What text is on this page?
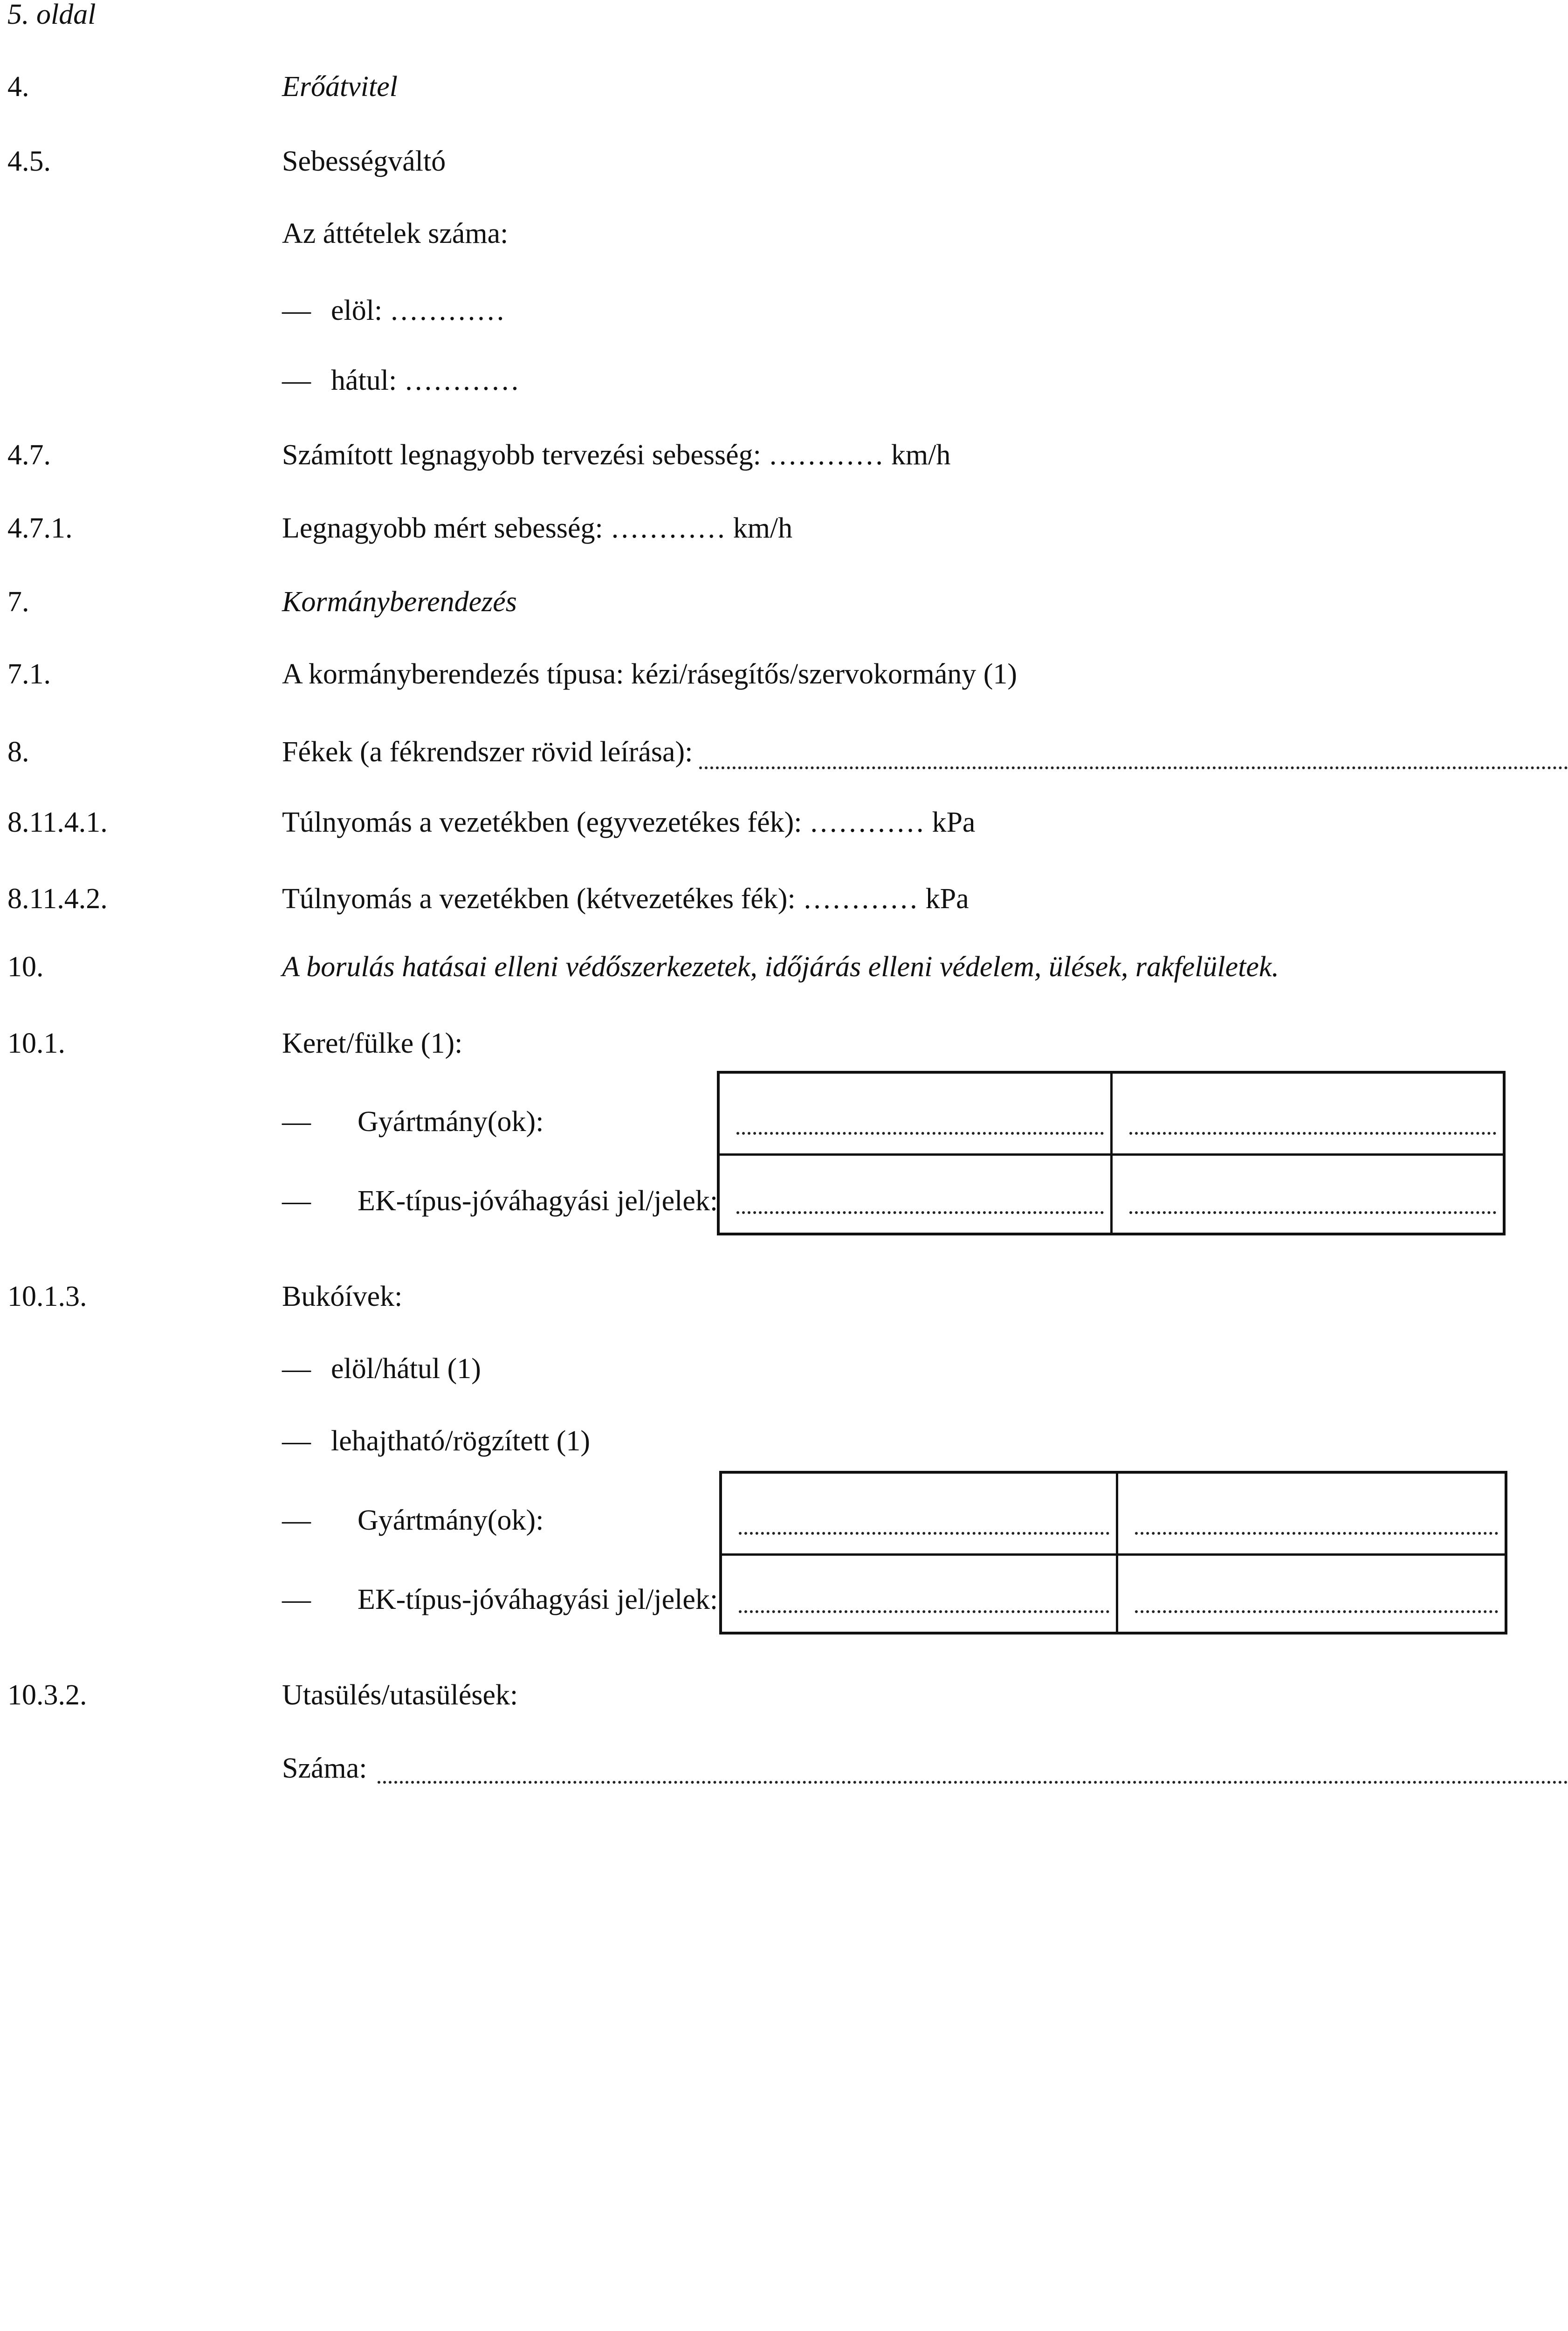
5. oldal
4.	Erőátvitel
4.5.	Sebességváltó
Az áttételek száma:
— elöl: …………
— hátul: …………
4.7.	Számított legnagyobb tervezési sebesség: ………… km/h
4.7.1.	Legnagyobb mért sebesség: ………… km/h
7.	Kormányberendezés
7.1.	A kormányberendezés típusa: kézi/rásegítős/szervokormány (1)
8.	Fékek (a fékrendszer rövid leírása):
8.11.4.1.	Túlnyomás a vezetékben (egyvezetékes fék): ………… kPa
8.11.4.2.	Túlnyomás a vezetékben (kétvezetékes fék): ………… kPa
10.	A borulás hatásai elleni védőszerkezetek, időjárás elleni védelem, ülések, rakfelületek.
10.1.	Keret/fülke (1):
— Gyártmány(ok):
— EK-típus-jóváhagyási jel/jelek:

10.1.3.	Bukóívek:
— elöl/hátul (1)
— lehajtható/rögzített (1)
— Gyártmány(ok):
— EK-típus-jóváhagyási jel/jelek:

10.3.2.	Utasülés/utasülések:
Száma:
